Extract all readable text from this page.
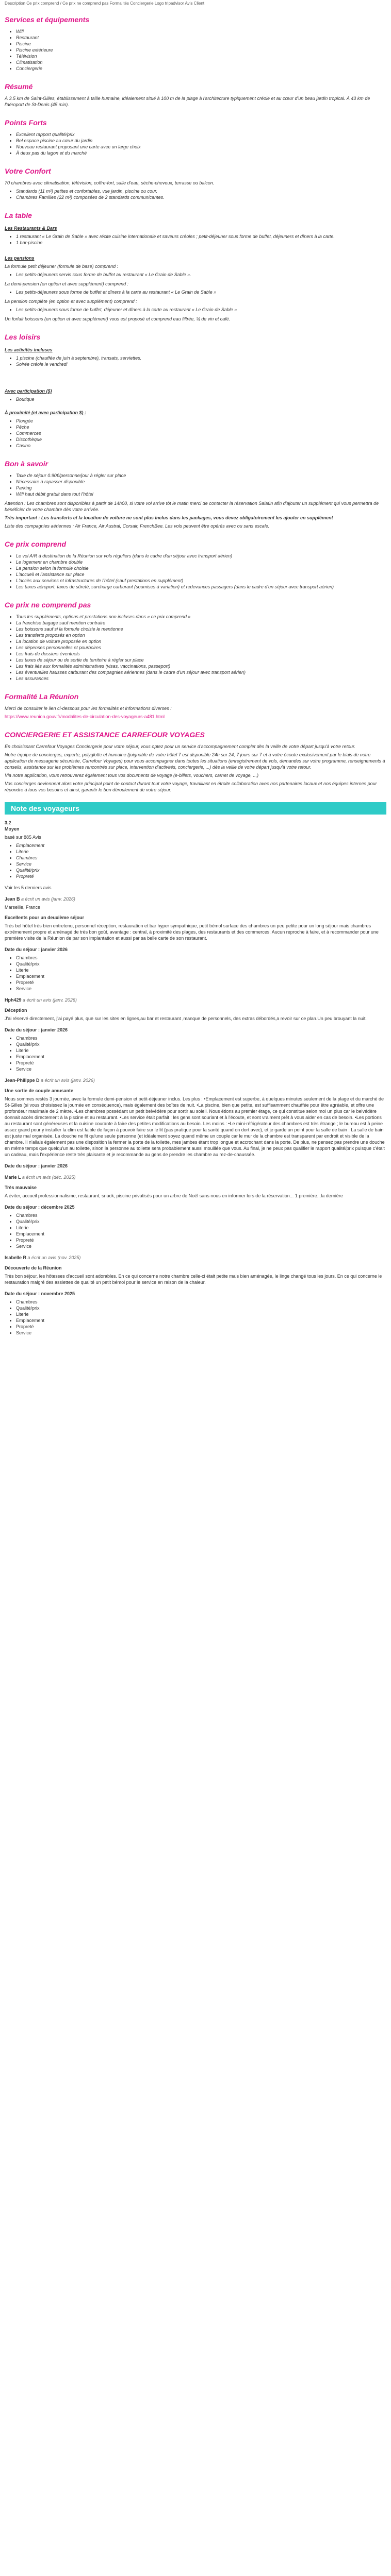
Description Ce prix comprend / Ce prix ne comprend pas Formalités Conciergerie Logo tripadvisor Avis Client
Services et équipements
• Wifi
• Restaurant
• Piscine
• Piscine extérieure
• Télévision
• Climatisation
• Conciergerie
Résumé

À 3.5 km de Saint-Gilles, établissement à taille humaine, idéalement situé à 100 m de la plage à l'architecture typiquement créole et au cœur d'un beau jardin tropical. À 43 km de l'aéroport de St-Denis (45 min).

Points Forts
• Excellent rapport qualité/prix
• Bel espace piscine au cœur du jardin
• Nouveau restaurant proposant une carte avec un large choix
• À deux pas du lagon et du marché
Votre Confort

70 chambres avec climatisation, télévision, coffre-fort, salle d'eau, sèche-cheveux, terrasse ou balcon.

• Standards (11 m²) petites et confortables, vue jardin, piscine ou cour.
• Chambres Familles (22 m²) composées de 2 standards communicantes.
La table
Les Restaurants & Bars
• 1 restaurant « Le Grain de Sable » avec récite cuisine internationale et saveurs créoles ; petit-déjeuner sous forme de buffet, déjeuners et dîners à la carte.
• 1 bar-piscine
Les pensions

La formule petit déjeuner (formule de base) comprend :

• Les petits-déjeuners servis sous forme de buffet au restaurant « Le Grain de Sable ».

La demi-pension (en option et avec supplément) comprend :

• Les petits-déjeuners sous forme de buffet et dîners à la carte au restaurant « Le Grain de Sable »

La pension complète (en option et avec supplément) comprend :

• Les petits-déjeuners sous forme de buffet, déjeuner et dîners à la carte au restaurant « Le Grain de Sable »

Un forfait boissons (en option et avec supplément) vous est proposé et comprend eau filtrée, ¼ de vin et café.

Les loisirs
Les activités incluses
• 1 piscine (chauffée de juin à septembre), transats, serviettes.
• Soirée créole le vendredi
Avec participation ($)
• Boutique
À proximité (et avec participation $) :
• Plongée
• Pêche
• Commerces
• Discothèque
• Casino
Bon à savoir
• Taxe de séjour 0.90€/personne/jour à régler sur place
• Nécessaire à rapasser disponible
• Parking
• Wifi haut débit gratuit dans tout l'hôtel

Attention : Les chambres sont disponibles à partir de 14h00, si votre vol arrive tôt le matin merci de contacter la réservation Salaün afin d'ajouter un supplément qui vous permettra de bénéficier de votre chambre dès votre arrivée.

Très important : Les transferts et la location de voiture ne sont plus inclus dans les packages, vous devez obligatoirement les ajouter en supplément

Liste des compagnies aériennes : Air France, Air Austral, Corsair, FrenchBee. Les vols peuvent être opérés avec ou sans escale.

Ce prix comprend
• Le vol A/R à destination de la Réunion sur vols réguliers (dans le cadre d'un séjour avec transport aérien)
• Le logement en chambre double
• La pension selon la formule choisie
• L'accueil et l'assistance sur place
• L'accès aux services et infrastructures de l'hôtel (sauf prestations en supplément)
• Les taxes aéroport, taxes de sûreté, surcharge carburant (soumises à variation) et redevances passagers (dans le cadre d'un séjour avec transport aérien)
Ce prix ne comprend pas
• Tous les suppléments, options et prestations non incluses dans « ce prix comprend »
• La franchise bagage sauf mention contraire
• Les boissons sauf si la formule choisie le mentionne
• Les transferts proposés en option
• La location de voiture proposée en option
• Les dépenses personnelles et pourboires
• Les frais de dossiers éventuels
• Les taxes de séjour ou de sortie de territoire à régler sur place
• Les frais liés aux formalités administratives (visas, vaccinations, passeport)
• Les éventuelles hausses carburant des compagnies aériennes (dans le cadre d'un séjour avec transport aérien)
• Les assurances
Formalité La Réunion

Merci de consulter le lien ci-dessous pour les formalités et informations diverses :

https://www.reunion.gouv.fr/modalites-de-circulation-des-voyageurs-a481.html

CONCIERGERIE ET ASSISTANCE CARREFOUR VOYAGES

En choisissant Carrefour Voyages Conciergerie pour votre séjour, vous optez pour un service d'accompagnement complet dès la veille de votre départ jusqu'à votre retour.

Notre équipe de concierges, experte, polyglotte et humaine (joignable de votre hôtel 7 est disponible 24h sur 24, 7 jours sur 7 et à votre écoute exclusivement par le biais de notre application de messagerie sécurisée, Carrefour Voyages) pour vous accompagner dans toutes les situations (enregistrement de vols, demandes sur votre programme, renseignements à conseils, assistance sur les problèmes rencontrés sur place, intervention d'activités, conciergerie, ...) dès la veille de votre départ jusqu'à votre retour.

Via notre application, vous retrouverez également tous vos documents de voyage (e-billets, vouchers, carnet de voyage, ...)

Vos concierges deviennent alors votre principal point de contact durant tout votre voyage, travaillant en étroite collaboration avec nos partenaires locaux et nos équipes internes pour répondre à tous vos besoins et ainsi, garantir le bon déroulement de votre séjour.

Note des voyageurs

3,2

Moyen

basé sur 885 Avis

• Emplacement
• Literie
• Chambres
• Service
• Qualité/prix
• Propreté

Voir les 5 derniers avis

Jean B a écrit un avis (janv. 2026)

Marseille, France

Excellents pour un deuxième séjour

Très bel hôtel très bien entretenu, personnel réception, restauration et bar hyper sympathique, petit bémol surface des chambres un peu petite pour un long séjour mais chambres extrêmement propre et aménagé de très bon goût, avantage : central, à proximité des plages, des restaurants et des commerces. Aucun reproche à faire, et à recommander pour une première visite de la Réunion de par son implantation et aussi par sa belle carte de son restaurant.

Date du séjour : janvier 2026

• Chambres
• Qualité/prix
• Literie
• Emplacement
• Propreté
• Service
Hph429 a écrit un avis (janv. 2026)

Déception

J'ai réservé directement, j'ai payé plus, que sur les sites en lignes,au bar et restaurant ,manque de personnels, des extras débordés,a revoir sur ce plan.Un peu brouyant la nuit.

Date du séjour : janvier 2026

• Chambres
• Qualité/prix
• Literie
• Emplacement
• Propreté
• Service
Jean-Philippe D a écrit un avis (janv. 2026)

Une sortie de couple amusante

Nous sommes restés 3 journée, avec la formule demi-pension et petit-déjeuner inclus. Les plus : •Emplacement est superbe, à quelques minutes seulement de la plage et du marché de St-Gilles (si vous choisissez la journée en conséquence), mais également des boîtes de nuit. •La piscine, bien que petite, est suffisamment chauffée pour être agréable, et offre une profondeur maximale de 2 mètre. •Les chambres possédant un petit belvédère pour sortir au soleil. Nous étions au premier étage, ce qui constitue selon moi un plus car le belvédère donnait accès directement à la piscine et au restaurant. •Les service était parfait : les gens sont souriant et à l'écoute, et sont vraiment prêt à vous aider en cas de besoin. •Les portions au restaurant sont généreuses et la cuisine courante à faire des petites modifications au besoin. Les moins : •Le mini-réfrigérateur des chambres est très étrange ; le bureau est à peine assez grand pour y installer la clim est faible de façon à pouvoir faire sur le lit (pas pratique pour la santé quand on dort avec), et je garde un point pour la salle de bain : La salle de bain est juste mal organisée. La douche ne fit qu'une seule personne (et idéalement soyez quand même un couple car le mur de la chambre est transparent par endroit et visible de la chambre. Il n'allais également pas une disposition la fermer la porte de la toilette, mes jambes étant trop longue et accrochant dans la porte. De plus, ne pensez pas prendre une douche en même temps que quelqu'un au toilette, sinon la personne au toilette sera probablement aussi mouillée que vous. Au final, je ne peux pas qualifier le rapport qualité/prix puisque c'était un cadeau, mais l'expérience reste très plaisante et je recommande au gens de prendre les chambre au rez-de-chaussée.

Date du séjour : janvier 2026

Marie L a écrit un avis (déc. 2025)

Très mauvaise

A éviter, accueil professionnalisme, restaurant, snack, piscine privatisés pour un arbre de Noël sans nous en informer lors de la réservation... 1 première...la dernière

Date du séjour : décembre 2025

• Chambres
• Qualité/prix
• Literie
• Emplacement
• Propreté
• Service
Isabelle R a écrit un avis (nov. 2025)

Découverte de la Réunion

Très bon séjour, les hôtesses d'accueil sont adorables. En ce qui concerne notre chambre celle-ci était petite mais bien aménagée, le linge changé tous les jours. En ce qui concerne le restauration malgré des assiettes de qualité un petit bémol pour le service en raison de la chaleur.

Date du séjour : novembre 2025

• Chambres
• Qualité/prix
• Literie
• Emplacement
• Propreté
• Service
